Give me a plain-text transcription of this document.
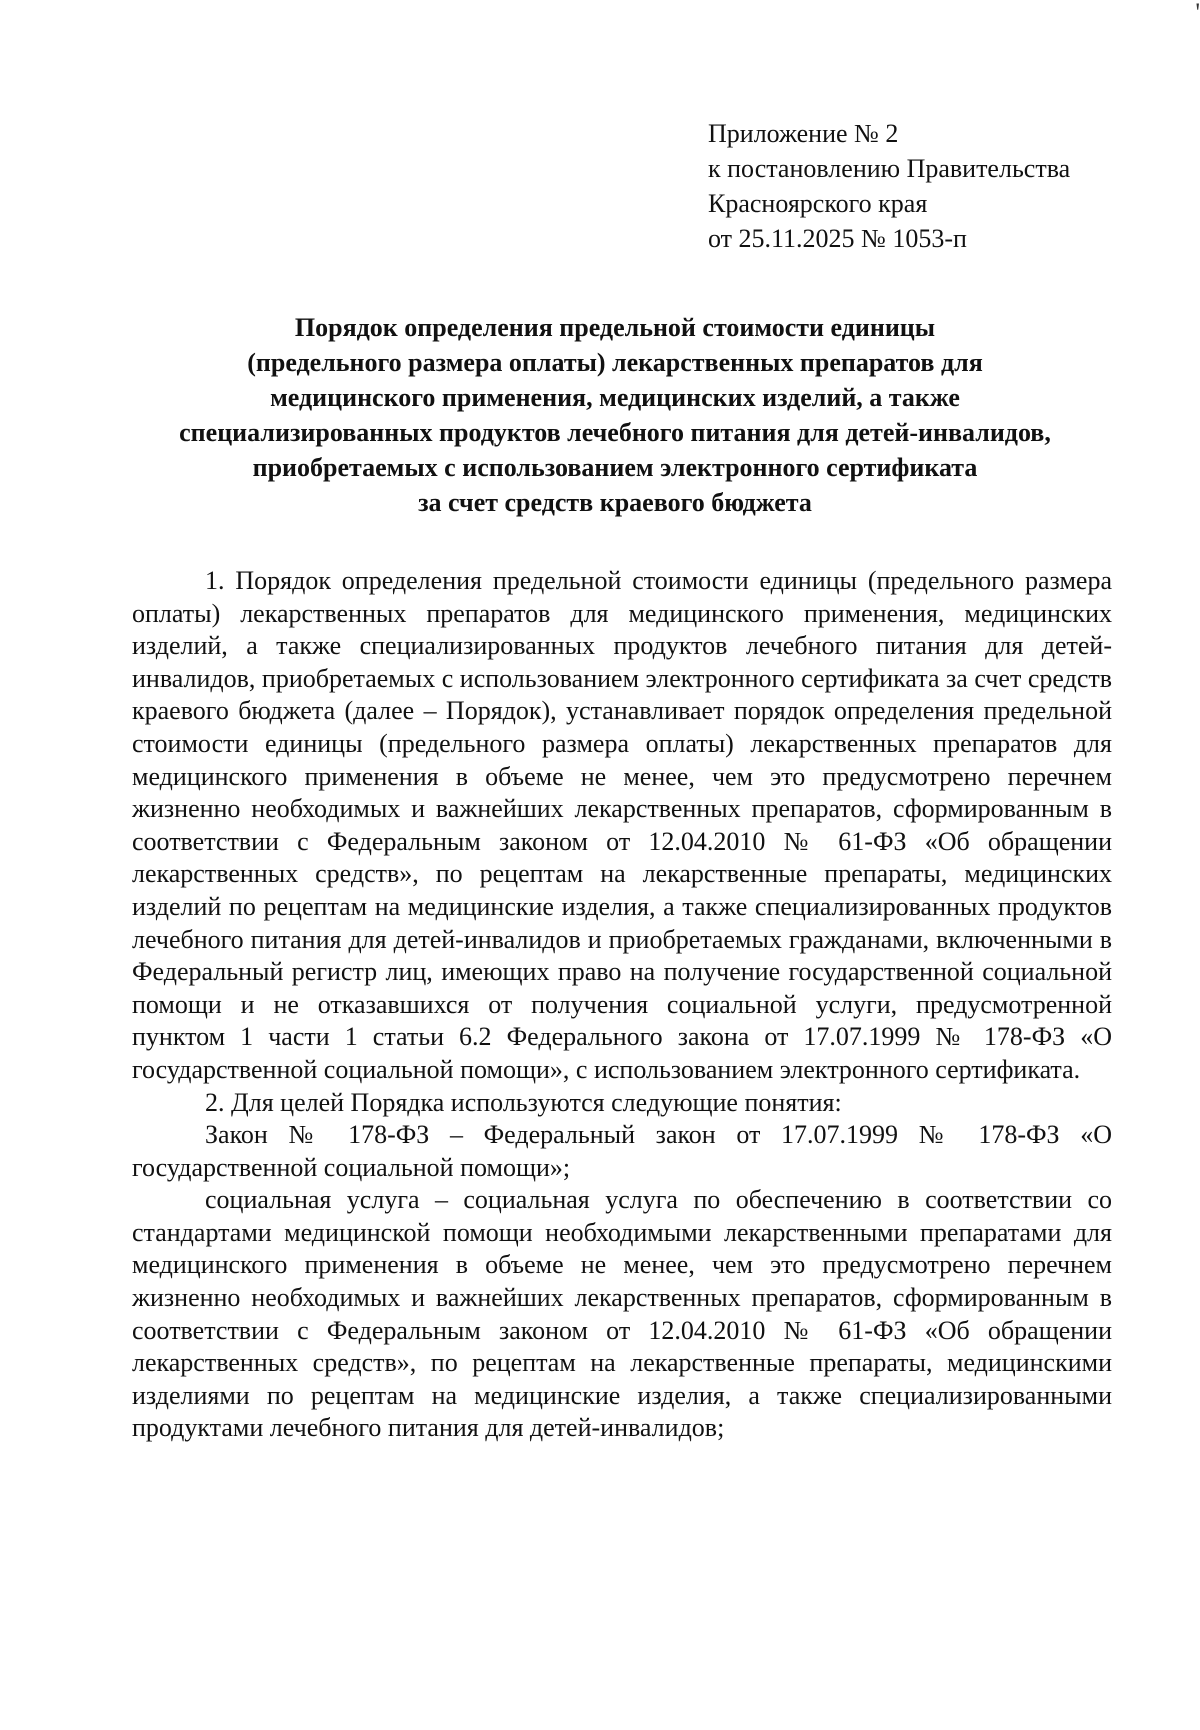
'
Приложение № 2
к постановлению Правительства
Красноярского края
от 25.11.2025 № 1053-п
Порядок определения предельной стоимости единицы
(предельного размера оплаты) лекарственных препаратов для
медицинского применения, медицинских изделий, а также
специализированных продуктов лечебного питания для детей-инвалидов,
приобретаемых с использованием электронного сертификата
за счет средств краевого бюджета

1. Порядок определения предельной стоимости единицы (предельного размера оплаты) лекарственных препаратов для медицинского применения, медицинских изделий, а также специализированных продуктов лечебного питания для детей-инвалидов, приобретаемых с использованием электронного сертификата за счет средств краевого бюджета (далее – Порядок), устанавливает порядок определения предельной стоимости единицы (предельного размера оплаты) лекарственных препаратов для медицинского применения в объеме не менее, чем это предусмотрено перечнем жизненно необходимых и важнейших лекарственных препаратов, сформированным в соответствии с Федеральным законом от 12.04.2010 № 61-ФЗ «Об обращении лекарственных средств», по рецептам на лекарственные препараты, медицинских изделий по рецептам на медицинские изделия, а также специализированных продуктов лечебного питания для детей-инвалидов и приобретаемых гражданами, включенными в Федеральный регистр лиц, имеющих право на получение государственной социальной помощи и не отказавшихся от получения социальной услуги, предусмотренной пунктом 1 части 1 статьи 6.2 Федерального закона от 17.07.1999 № 178-ФЗ «О государственной социальной помощи», с использованием электронного сертификата.

2. Для целей Порядка используются следующие понятия:

Закон № 178-ФЗ – Федеральный закон от 17.07.1999 № 178-ФЗ «О государственной социальной помощи»;

социальная услуга – социальная услуга по обеспечению в соответствии со стандартами медицинской помощи необходимыми лекарственными препаратами для медицинского применения в объеме не менее, чем это предусмотрено перечнем жизненно необходимых и важнейших лекарственных препаратов, сформированным в соответствии с Федеральным законом от 12.04.2010 № 61-ФЗ «Об обращении лекарственных средств», по рецептам на лекарственные препараты, медицинскими изделиями по рецептам на медицинские изделия, а также специализированными продуктами лечебного питания для детей-инвалидов;
